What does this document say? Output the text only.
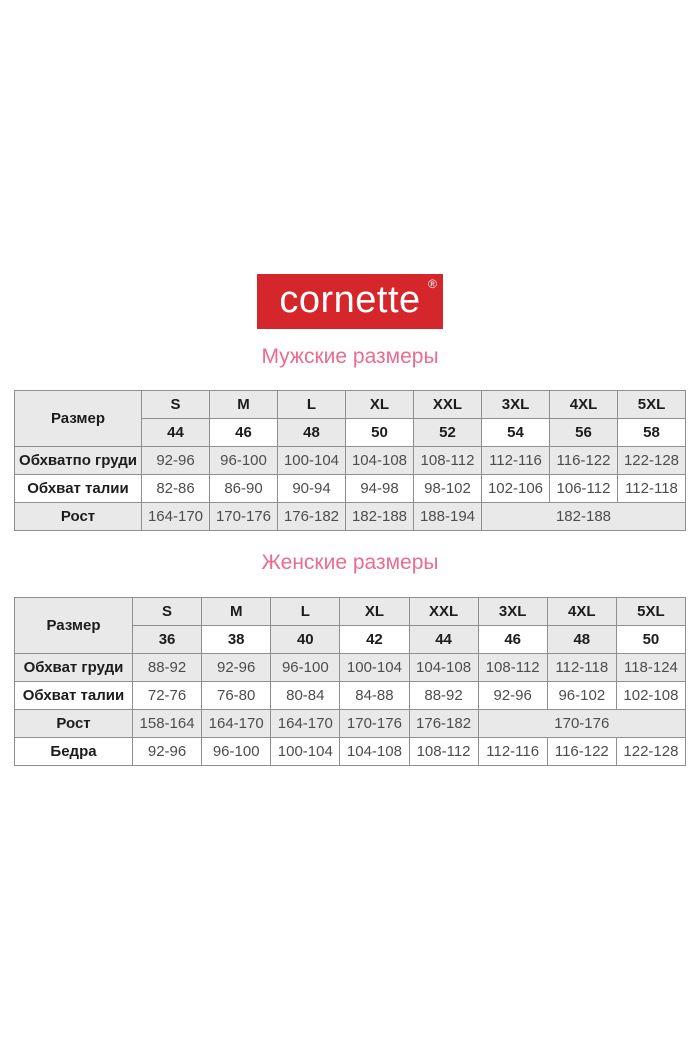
cornette ®
Мужские размеры
Размер	S	M	L	XL	XXL	3XL	4XL	5XL
	44	46	48	50	52	54	56	58
Обхватпо груди	92-96	96-100	100-104	104-108	108-112	112-116	116-122	122-128
Обхват талии	82-86	86-90	90-94	94-98	98-102	102-106	106-112	112-118
Рост	164-170	170-176	176-182	182-188	188-194	182-188		
Женские размеры
Размер	S	M	L	XL	XXL	3XL	4XL	5XL
	36	38	40	42	44	46	48	50
Обхват груди	88-92	92-96	96-100	100-104	104-108	108-112	112-118	118-124
Обхват талии	72-76	76-80	80-84	84-88	88-92	92-96	96-102	102-108
Рост	158-164	164-170	164-170	170-176	176-182	170-176		
Бедра	92-96	96-100	100-104	104-108	108-112	112-116	116-122	122-128
